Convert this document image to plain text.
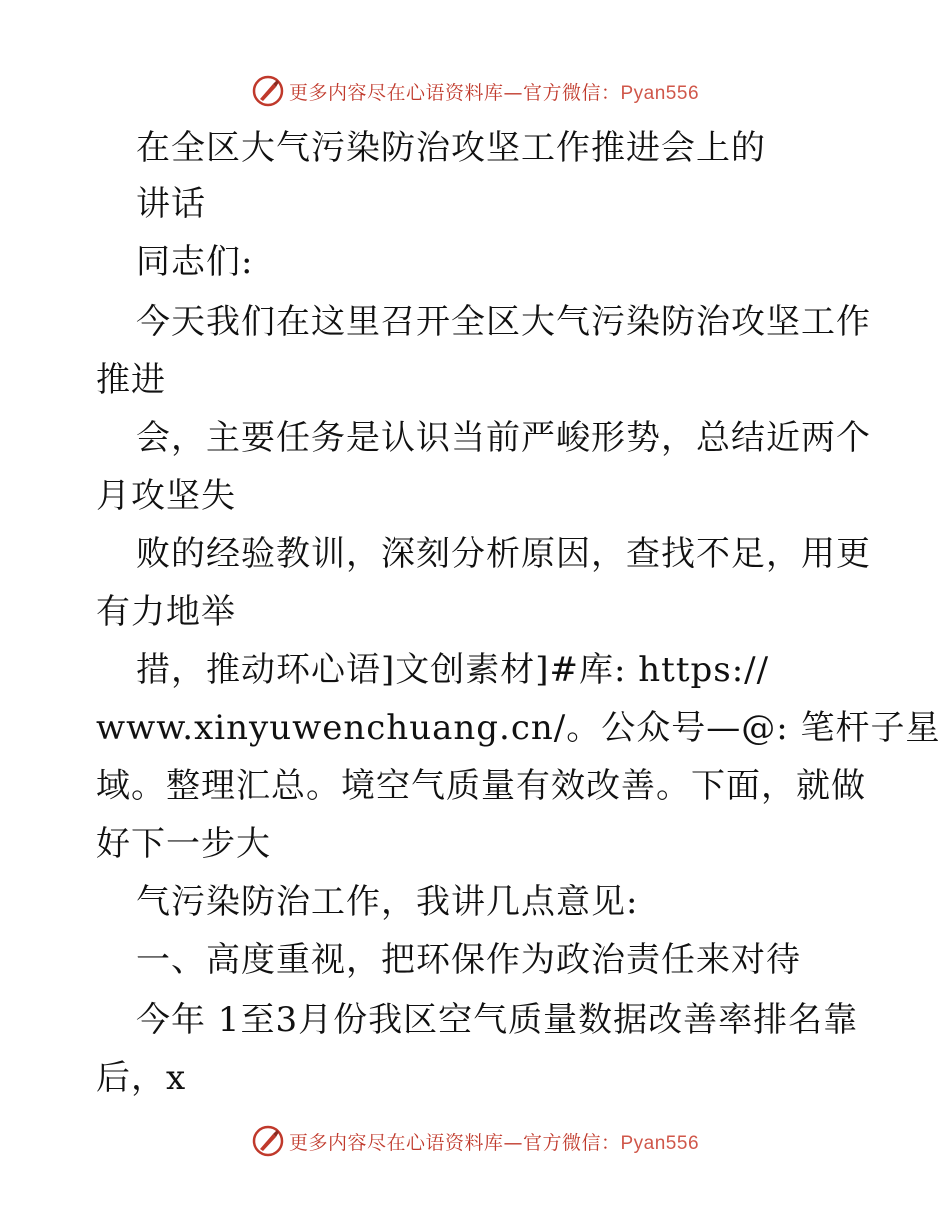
更多内容尽在心语资料库—官方微信：Pyan556
在全区大气污染防治攻坚工作推进会上的
讲话
同志们:
今天我们在这里召开全区大气污染防治攻坚工作
推进
会，主要任务是认识当前严峻形势，总结近两个
月攻坚失
败的经验教训，深刻分析原因，查找不足，用更
有力地举
措，推动环心语]文创素材]#库: https://
www.xinyuwenchuang.cn/。公众号—@: 笔杆子星
域。整理汇总。境空气质量有效改善。下面，就做
好下一步大
气污染防治工作，我讲几点意见:
一、高度重视，把环保作为政治责任来对待
今年 1至3月份我区空气质量数据改善率排名靠
后，x
更多内容尽在心语资料库—官方微信：Pyan556
